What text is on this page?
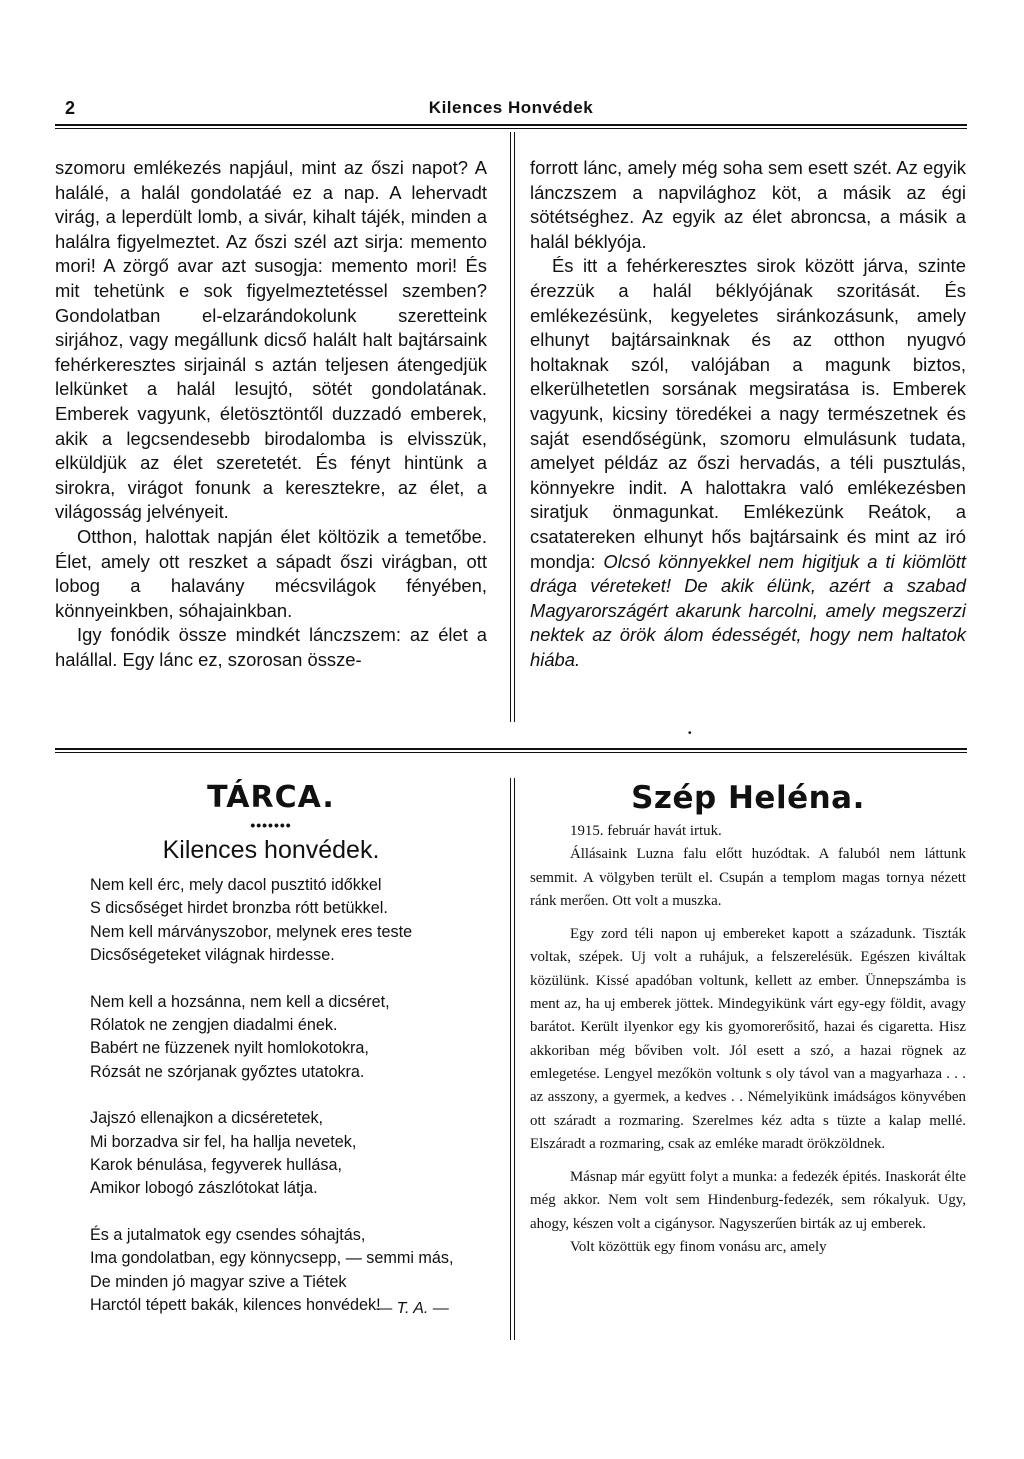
2	Kilences Honvédek

szomoru emlékezés napjául, mint az őszi napot? A halálé, a halál gondolatáé ez a nap. A lehervadt virág, a leperdült lomb, a sivár, kihalt tájék, minden a halálra figyelmeztet. Az őszi szél azt sirja: memento mori! A zörgő avar azt susogja: memento mori! És mit tehetünk e sok figyelmeztetéssel szemben? Gondolatban el-elzarándokolunk szeretteink sirjához, vagy megállunk dicső halált halt bajtársaink fehérkeresztes sirjainál s aztán teljesen átengedjük lelkünket a halál lesujtó, sötét gondolatának. Emberek vagyunk, életösztöntől duzzadó emberek, akik a legcsendesebb birodalomba is elvisszük, elküldjük az élet szeretetét. És fényt hintünk a sirokra, virágot fonunk a keresztekre, az élet, a világosság jelvényeit.

Otthon, halottak napján élet költözik a temetőbe. Élet, amely ott reszket a sápadt őszi virágban, ott lobog a halavány mécsvilágok fényében, könnyeinkben, sóhajainkban.

Igy fonódik össze mindkét lánczszem: az élet a halállal. Egy lánc ez, szorosan össze-

forrott lánc, amely még soha sem esett szét. Az egyik lánczszem a napvilághoz köt, a másik az égi sötétséghez. Az egyik az élet abroncsa, a másik a halál béklyója.

És itt a fehérkeresztes sirok között járva, szinte érezzük a halál béklyójának szoritását. És emlékezésünk, kegyeletes siránkozásunk, amely elhunyt bajtársainknak és az otthon nyugvó holtaknak szól, valójában a magunk biztos, elkerülhetetlen sorsának megsiratása is. Emberek vagyunk, kicsiny töredékei a nagy természetnek és saját esendőségünk, szomoru elmulásunk tudata, amelyet példáz az őszi hervadás, a téli pusztulás, könnyekre indit. A halottakra való emlékezésben siratjuk önmagunkat. Emlékezünk Reátok, a csatatereken elhunyt hős bajtársaink és mint az iró mondja: Olcsó könnyekkel nem higitjuk a ti kiömlött drága véreteket! De akik élünk, azért a szabad Magyarországért akarunk harcolni, amely megszerzi nektek az örök álom édességét, hogy nem haltatok hiába.

•
TÁRCA.
•••••••
Kilences honvédek.
Nem kell érc, mely dacol pusztitó időkkel
S dicsőséget hirdet bronzba rótt betükkel.
Nem kell márványszobor, melynek eres teste
Dicsőségeteket világnak hirdesse.
Nem kell a hozsánna, nem kell a dicséret,
Rólatok ne zengjen diadalmi ének.
Babért ne füzzenek nyilt homlokotokra,
Rózsát ne szórjanak győztes utatokra.
Jajszó ellenajkon a dicséretetek,
Mi borzadva sir fel, ha hallja nevetek,
Karok bénulása, fegyverek hullása,
Amikor lobogó zászlótokat látja.
És a jutalmatok egy csendes sóhajtás,
Ima gondolatban, egy könnycsepp, — semmi más,
De minden jó magyar szive a Tiétek
Harctól tépett bakák, kilences honvédek!
— T. A. —
Szép Heléna.

1915. február havát irtuk.

Állásaink Luzna falu előtt huzódtak. A faluból nem láttunk semmit. A völgyben terült el. Csupán a templom magas tornya nézett ránk merően. Ott volt a muszka.

Egy zord téli napon uj embereket kapott a századunk. Tiszták voltak, szépek. Uj volt a ruhájuk, a felszerelésük. Egészen kiváltak közülünk. Kissé apadóban voltunk, kellett az ember. Ünnepszámba is ment az, ha uj emberek jöttek. Mindegyikünk várt egy-egy földit, avagy barátot. Került ilyenkor egy kis gyomorerősitő, hazai és cigaretta. Hisz akkoriban még bőviben volt. Jól esett a szó, a hazai rögnek az emlegetése. Lengyel mezőkön voltunk s oly távol van a magyarhaza . . . az asszony, a gyermek, a kedves . . Némelyikünk imádságos könyvében ott száradt a rozmaring. Szerelmes kéz adta s tüzte a kalap mellé. Elszáradt a rozmaring, csak az emléke maradt örökzöldnek.

Másnap már együtt folyt a munka: a fedezék épités. Inaskorát élte még akkor. Nem volt sem Hindenburg-fedezék, sem rókalyuk. Ugy, ahogy, készen volt a cigánysor. Nagyszerűen birták az uj emberek.

Volt közöttük egy finom vonásu arc, amely
